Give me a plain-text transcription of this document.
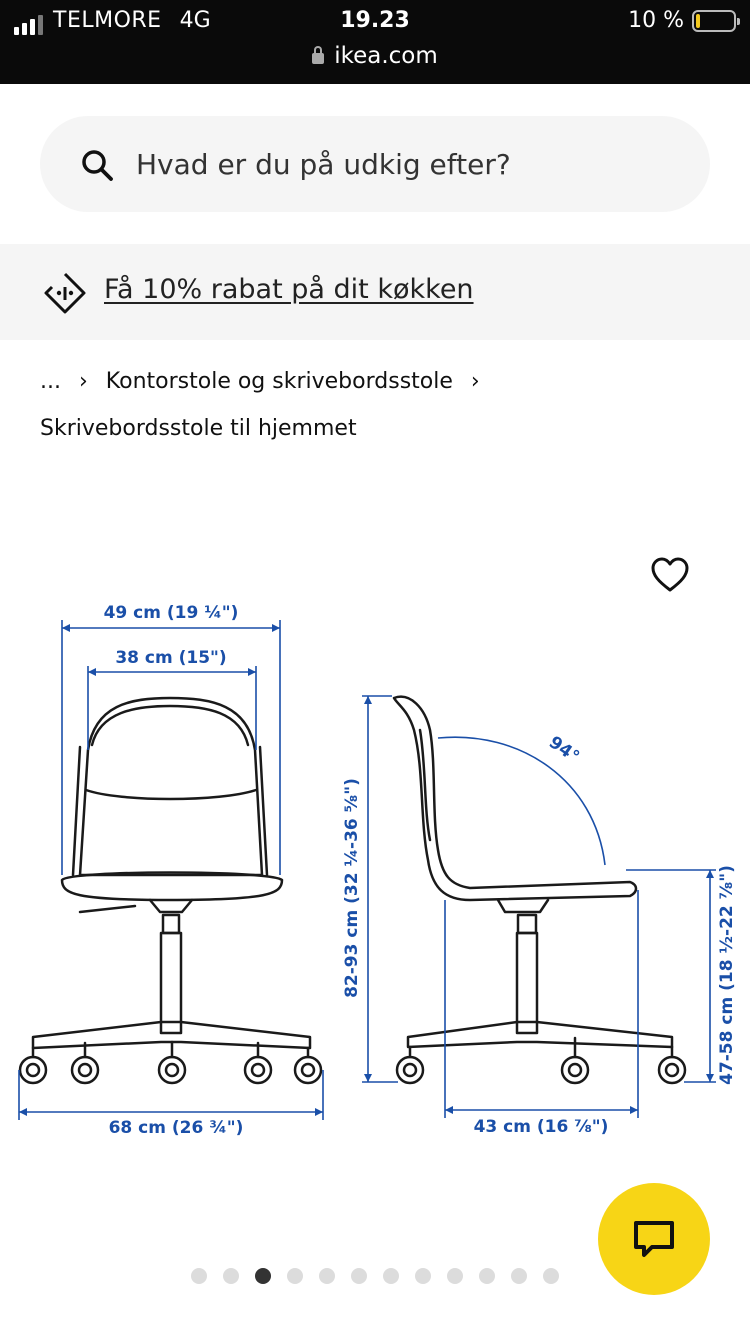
TELMORE 4G	19.23	10 %
ikea.com
Hvad er du på udkig efter?
Få 10% rabat på dit køkken
... › Kontorstole og skrivebordsstole ›
Skrivebordsstole til hjemmet
49 cm (19 ¼")
38 cm (15")
68 cm (26 ¾")
82-93 cm (32 ¼-36 ⅝")	47-58 cm (18 ½-22 ⅞")
43 cm (16 ⅞")
94°
